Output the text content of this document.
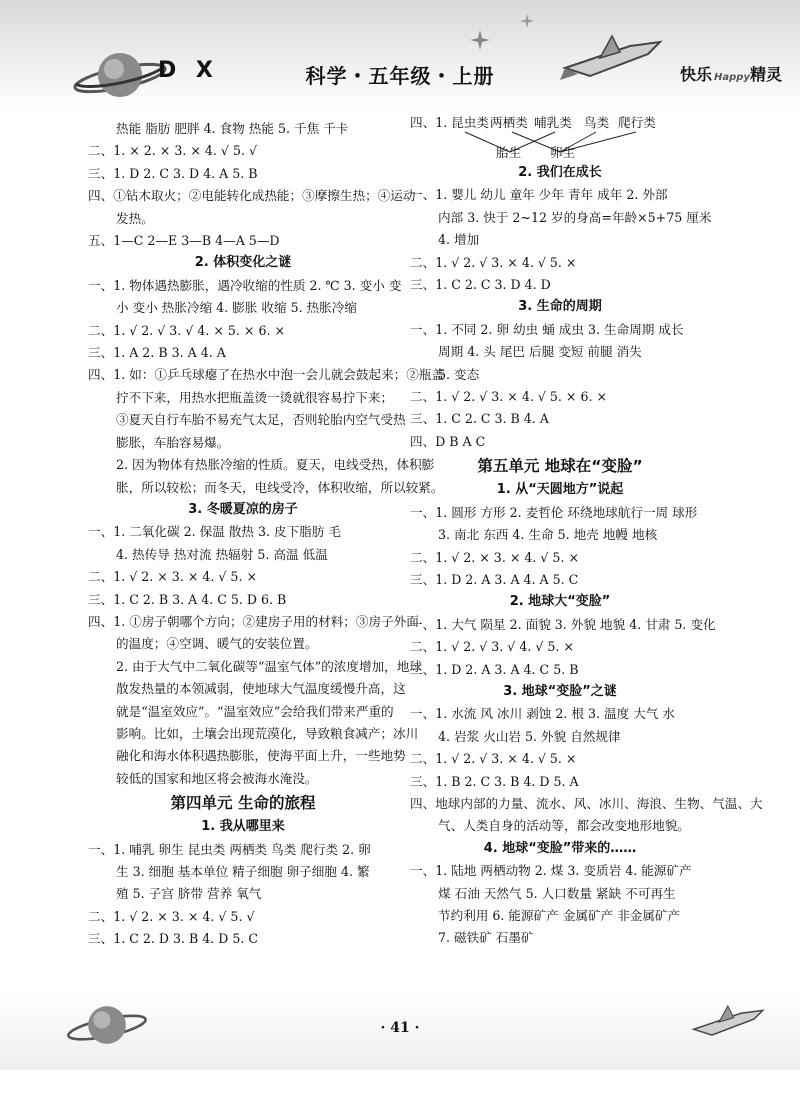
D X	科学・五年级・上册	快乐 Happy精灵
热能 脂肪 肥胖 4. 食物 热能 5. 千焦 千卡
二、1. × 2. × 3. × 4. √ 5. √
三、1. D 2. C 3. D 4. A 5. B
四、①钻木取火；②电能转化成热能；③摩擦生热；④运动
发热。
五、1—C 2—E 3—B 4—A 5—D
2. 体积变化之谜
一、1. 物体遇热膨胀，遇冷收缩的性质 2. ℃ 3. 变小 变
小 变小 热胀冷缩 4. 膨胀 收缩 5. 热胀冷缩
二、1. √ 2. √ 3. √ 4. × 5. × 6. ×
三、1. A 2. B 3. A 4. A
四、1. 如：①乒乓球瘪了在热水中泡一会儿就会鼓起来；②瓶盖
拧不下来，用热水把瓶盖烫一烫就很容易拧下来；
③夏天自行车胎不易充气太足，否则轮胎内空气受热
膨胀，车胎容易爆。
2. 因为物体有热胀冷缩的性质。夏天，电线受热，体积膨
胀，所以较松；而冬天，电线受冷，体积收缩，所以较紧。
3. 冬暖夏凉的房子
一、1. 二氧化碳 2. 保温 散热 3. 皮下脂肪 毛
4. 热传导 热对流 热辐射 5. 高温 低温
二、1. √ 2. × 3. × 4. √ 5. ×
三、1. C 2. B 3. A 4. C 5. D 6. B
四、1. ①房子朝哪个方向；②建房子用的材料；③房子外面
的温度；④空调、暖气的安装位置。
2. 由于大气中二氧化碳等“温室气体”的浓度增加，地球
散发热量的本领减弱，使地球大气温度缓慢升高，这
就是“温室效应”。“温室效应”会给我们带来严重的
影响。比如，土壤会出现荒漠化，导致粮食减产；冰川
融化和海水体积遇热膨胀，使海平面上升，一些地势
较低的国家和地区将会被海水淹没。
第四单元 生命的旅程
1. 我从哪里来
一、1. 哺乳 卵生 昆虫类 两栖类 鸟类 爬行类 2. 卵
生 3. 细胞 基本单位 精子细胞 卵子细胞 4. 繁
殖 5. 子宫 脐带 营养 氧气
二、1. √ 2. × 3. × 4. √ 5. √
三、1. C 2. D 3. B 4. D 5. C
四、1. 昆虫类 两栖类 哺乳类 鸟类 爬行类
胎生 卵生
2. 我们在成长
一、1. 婴儿 幼儿 童年 少年 青年 成年 2. 外部
内部 3. 快于 2~12 岁的身高=年龄×5+75 厘米
4. 增加
二、1. √ 2. √ 3. × 4. √ 5. ×
三、1. C 2. C 3. D 4. D
3. 生命的周期
一、1. 不同 2. 卵 幼虫 蛹 成虫 3. 生命周期 成长
周期 4. 头 尾巴 后腿 变短 前腿 消失
5. 变态
二、1. √ 2. √ 3. × 4. √ 5. × 6. ×
三、1. C 2. C 3. B 4. A
四、D B A C
第五单元 地球在“变脸”
1. 从“天圆地方”说起
一、1. 圆形 方形 2. 麦哲伦 环绕地球航行一周 球形
3. 南北 东西 4. 生命 5. 地壳 地幔 地核
二、1. √ 2. × 3. × 4. √ 5. ×
三、1. D 2. A 3. A 4. A 5. C
2. 地球大“变脸”
一、1. 大气 陨星 2. 面貌 3. 外貌 地貌 4. 甘肃 5. 变化
二、1. √ 2. √ 3. √ 4. √ 5. ×
三、1. D 2. A 3. A 4. C 5. B
3. 地球“变脸”之谜
一、1. 水流 风 冰川 剥蚀 2. 根 3. 温度 大气 水
4. 岩浆 火山岩 5. 外貌 自然规律
二、1. √ 2. √ 3. × 4. √ 5. ×
三、1. B 2. C 3. B 4. D 5. A
四、地球内部的力量、流水、风、冰川、海浪、生物、气温、大
气、人类自身的活动等，都会改变地形地貌。
4. 地球“变脸”带来的……
一、1. 陆地 两栖动物 2. 煤 3. 变质岩 4. 能源矿产
煤 石油 天然气 5. 人口数量 紧缺 不可再生
节约利用 6. 能源矿产 金属矿产 非金属矿产
7. 磁铁矿 石墨矿
· 41 ·
